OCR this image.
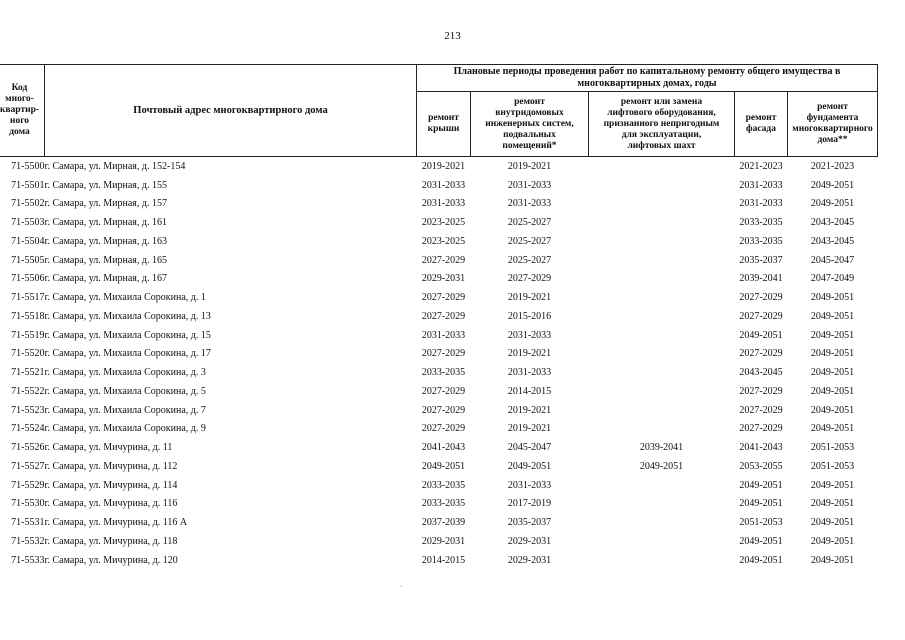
213
Код
много-
квартир-
ного
дома	Почтовый адрес многоквартирного дома	Плановые периоды проведения работ по капитальному ремонту общего имущества в многоквартирных домах, годы				
		ремонт
крыши	ремонт
внутридомовых
инженерных систем,
подвальных
помещений*	ремонт или замена
лифтового оборудования,
признанного непригодным
для эксплуатации,
лифтовых шахт	ремонт
фасада	ремонт
фундамента
многоквартирного
дома**
71-5500	г. Самара, ул. Мирная, д. 152-154	2019-2021	2019-2021		2021-2023	2021-2023
71-5501	г. Самара, ул. Мирная, д. 155	2031-2033	2031-2033		2031-2033	2049-2051
71-5502	г. Самара, ул. Мирная, д. 157	2031-2033	2031-2033		2031-2033	2049-2051
71-5503	г. Самара, ул. Мирная, д. 161	2023-2025	2025-2027		2033-2035	2043-2045
71-5504	г. Самара, ул. Мирная, д. 163	2023-2025	2025-2027		2033-2035	2043-2045
71-5505	г. Самара, ул. Мирная, д. 165	2027-2029	2025-2027		2035-2037	2045-2047
71-5506	г. Самара, ул. Мирная, д. 167	2029-2031	2027-2029		2039-2041	2047-2049
71-5517	г. Самара, ул. Михаила Сорокина, д. 1	2027-2029	2019-2021		2027-2029	2049-2051
71-5518	г. Самара, ул. Михаила Сорокина, д. 13	2027-2029	2015-2016		2027-2029	2049-2051
71-5519	г. Самара, ул. Михаила Сорокина, д. 15	2031-2033	2031-2033		2049-2051	2049-2051
71-5520	г. Самара, ул. Михаила Сорокина, д. 17	2027-2029	2019-2021		2027-2029	2049-2051
71-5521	г. Самара, ул. Михаила Сорокина, д. 3	2033-2035	2031-2033		2043-2045	2049-2051
71-5522	г. Самара, ул. Михаила Сорокина, д. 5	2027-2029	2014-2015		2027-2029	2049-2051
71-5523	г. Самара, ул. Михаила Сорокина, д. 7	2027-2029	2019-2021		2027-2029	2049-2051
71-5524	г. Самара, ул. Михаила Сорокина, д. 9	2027-2029	2019-2021		2027-2029	2049-2051
71-5526	г. Самара, ул. Мичурина, д. 11	2041-2043	2045-2047	2039-2041	2041-2043	2051-2053
71-5527	г. Самара, ул. Мичурина, д. 112	2049-2051	2049-2051	2049-2051	2053-2055	2051-2053
71-5529	г. Самара, ул. Мичурина, д. 114	2033-2035	2031-2033		2049-2051	2049-2051
71-5530	г. Самара, ул. Мичурина, д. 116	2033-2035	2017-2019		2049-2051	2049-2051
71-5531	г. Самара, ул. Мичурина, д. 116 А	2037-2039	2035-2037		2051-2053	2049-2051
71-5532	г. Самара, ул. Мичурина, д. 118	2029-2031	2029-2031		2049-2051	2049-2051
71-5533	г. Самара, ул. Мичурина, д. 120	2014-2015	2029-2031		2049-2051	2049-2051
·
